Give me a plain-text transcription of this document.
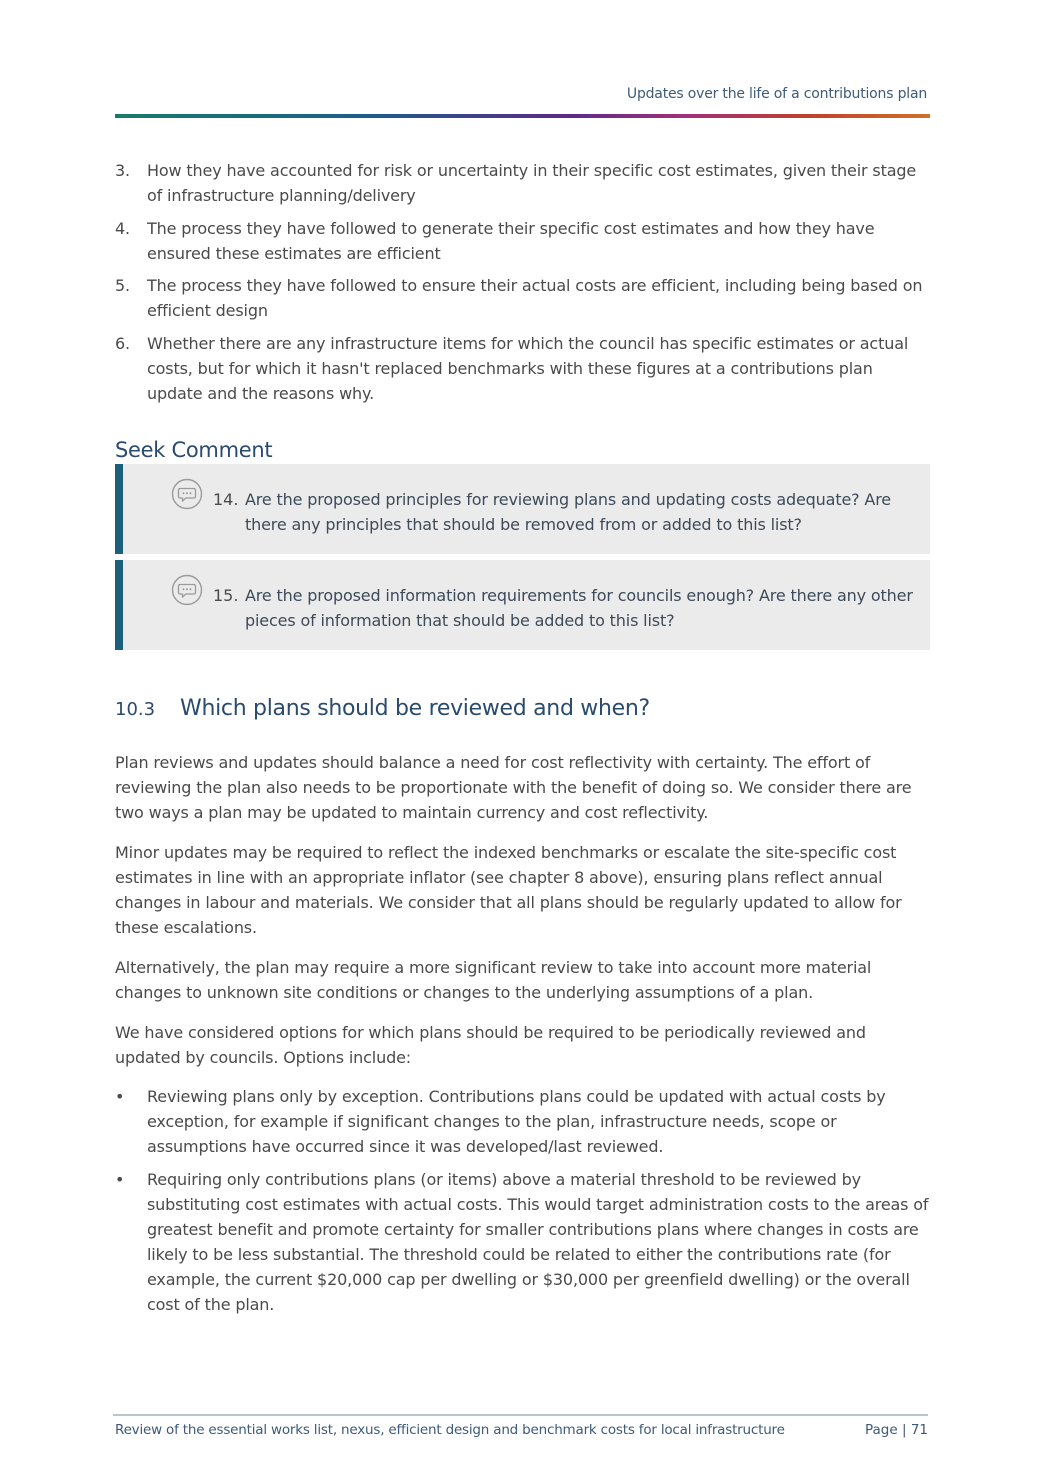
Updates over the life of a contributions plan
3. How they have accounted for risk or uncertainty in their specific cost estimates, given their stage of infrastructure planning/delivery
4. The process they have followed to generate their specific cost estimates and how they have ensured these estimates are efficient
5. The process they have followed to ensure their actual costs are efficient, including being based on efficient design
6. Whether there are any infrastructure items for which the council has specific estimates or actual costs, but for which it hasn't replaced benchmarks with these figures at a contributions plan update and the reasons why.
Seek Comment
14. Are the proposed principles for reviewing plans and updating costs adequate? Are there any principles that should be removed from or added to this list?
15. Are the proposed information requirements for councils enough? Are there any other pieces of information that should be added to this list?
10.3 Which plans should be reviewed and when?

Plan reviews and updates should balance a need for cost reflectivity with certainty. The effort of reviewing the plan also needs to be proportionate with the benefit of doing so. We consider there are two ways a plan may be updated to maintain currency and cost reflectivity.

Minor updates may be required to reflect the indexed benchmarks or escalate the site-specific cost estimates in line with an appropriate inflator (see chapter 8 above), ensuring plans reflect annual changes in labour and materials. We consider that all plans should be regularly updated to allow for these escalations.

Alternatively, the plan may require a more significant review to take into account more material changes to unknown site conditions or changes to the underlying assumptions of a plan.

We have considered options for which plans should be required to be periodically reviewed and updated by councils. Options include:

• Reviewing plans only by exception. Contributions plans could be updated with actual costs by exception, for example if significant changes to the plan, infrastructure needs, scope or assumptions have occurred since it was developed/last reviewed.
• Requiring only contributions plans (or items) above a material threshold to be reviewed by substituting cost estimates with actual costs. This would target administration costs to the areas of greatest benefit and promote certainty for smaller contributions plans where changes in costs are likely to be less substantial. The threshold could be related to either the contributions rate (for example, the current $20,000 cap per dwelling or $30,000 per greenfield dwelling) or the overall cost of the plan.
Review of the essential works list, nexus, efficient design and benchmark costs for local infrastructure	Page | 71
